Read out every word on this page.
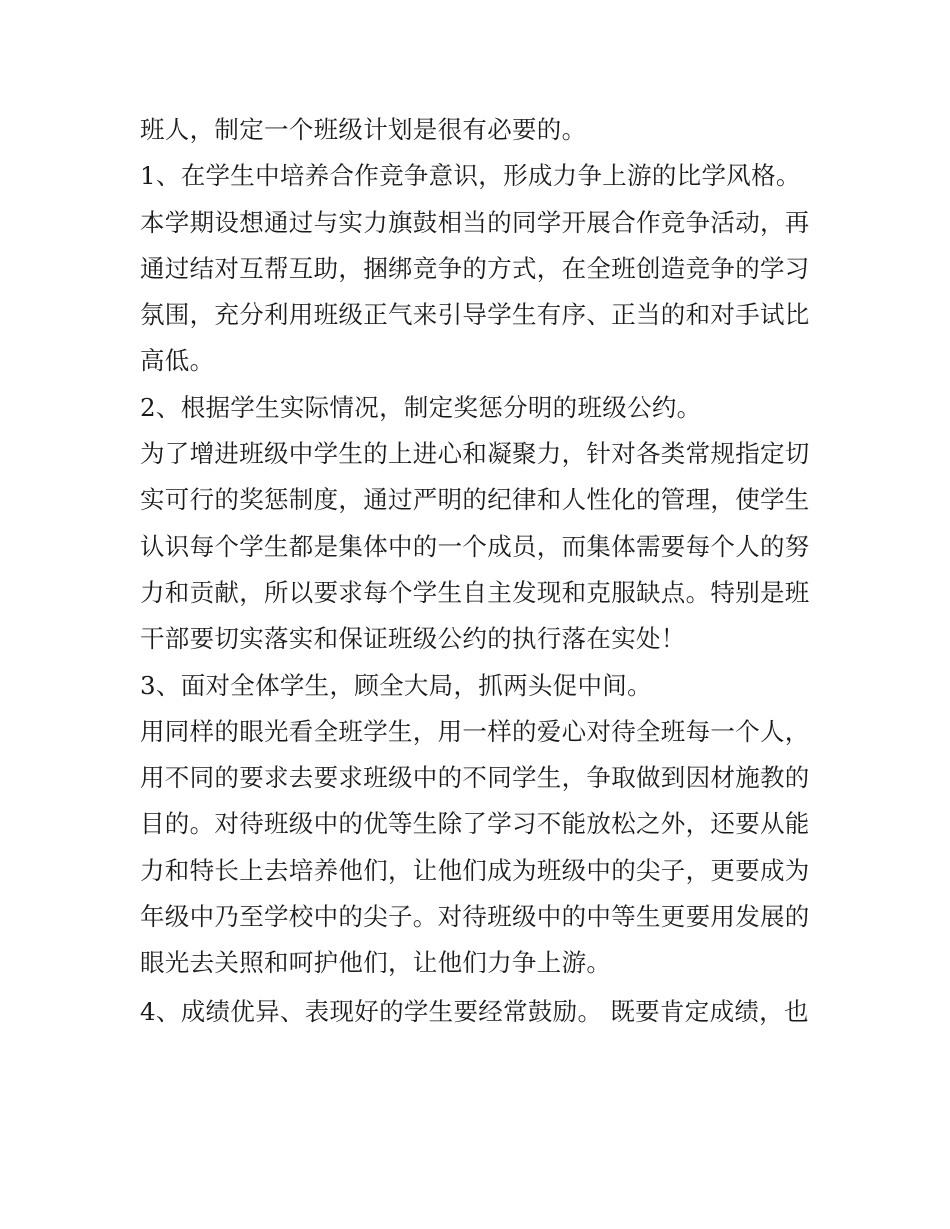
班人，制定一个班级计划是很有必要的。
1、在学生中培养合作竞争意识，形成力争上游的比学风格。
本学期设想通过与实力旗鼓相当的同学开展合作竞争活动，再
通过结对互帮互助，捆绑竞争的方式，在全班创造竞争的学习
氛围，充分利用班级正气来引导学生有序、正当的和对手试比
高低。
2、根据学生实际情况，制定奖惩分明的班级公约。
为了增进班级中学生的上进心和凝聚力，针对各类常规指定切
实可行的奖惩制度，通过严明的纪律和人性化的管理，使学生
认识每个学生都是集体中的一个成员，而集体需要每个人的努
力和贡献，所以要求每个学生自主发现和克服缺点。特别是班
干部要切实落实和保证班级公约的执行落在实处！
3、面对全体学生，顾全大局，抓两头促中间。
用同样的眼光看全班学生，用一样的爱心对待全班每一个人，
用不同的要求去要求班级中的不同学生，争取做到因材施教的
目的。对待班级中的优等生除了学习不能放松之外，还要从能
力和特长上去培养他们，让他们成为班级中的尖子，更要成为
年级中乃至学校中的尖子。对待班级中的中等生更要用发展的
眼光去关照和呵护他们，让他们力争上游。
4、成绩优异、表现好的学生要经常鼓励。 既要肯定成绩，也
